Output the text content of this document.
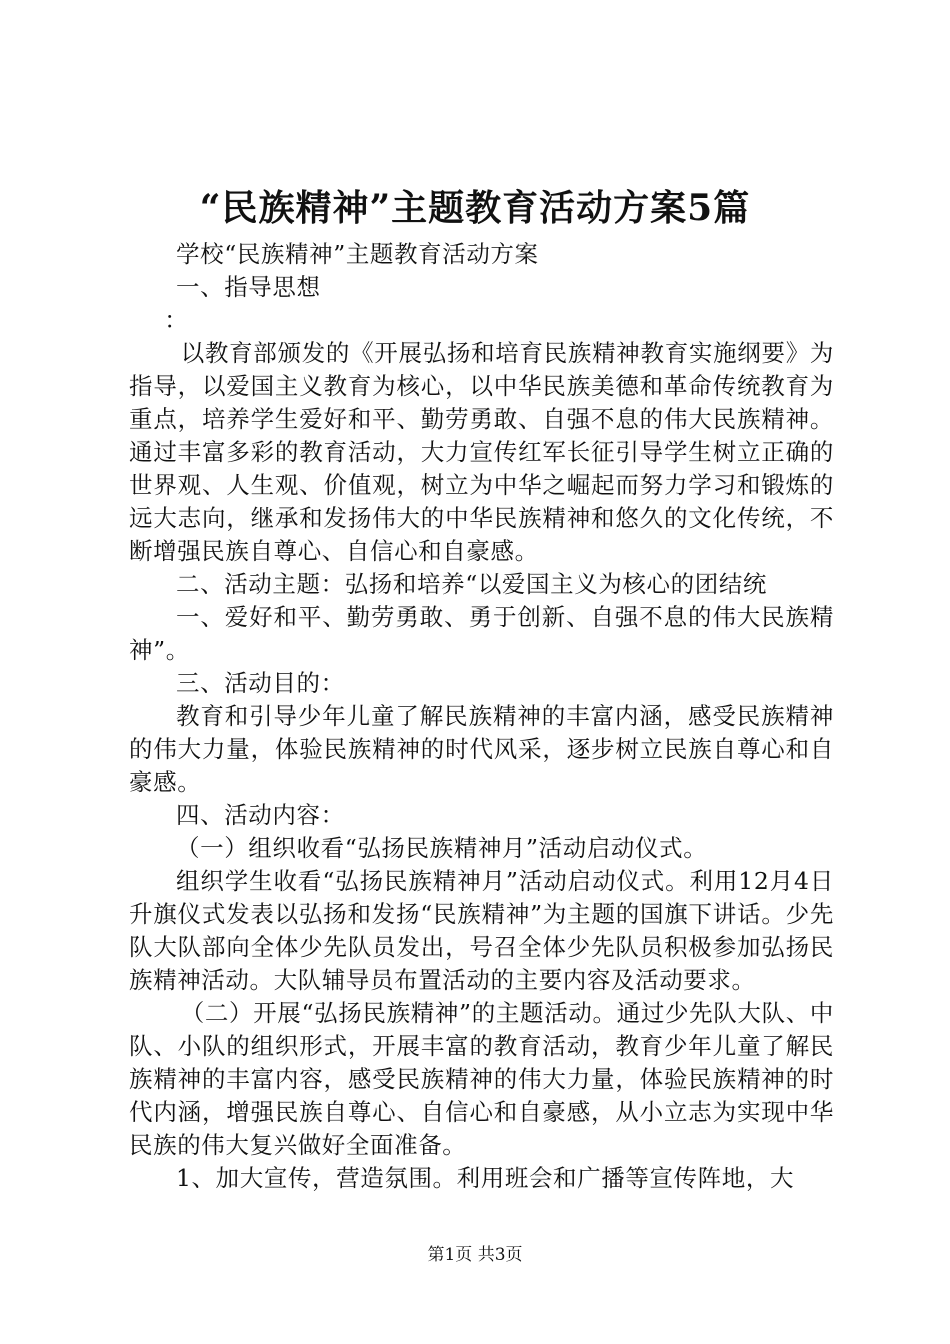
“民族精神”主题教育活动方案5篇

学校“民族精神”主题教育活动方案

一、指导思想

：

以教育部颁发的《开展弘扬和培育民族精神教育实施纲要》为指导，以爱国主义教育为核心，以中华民族美德和革命传统教育为重点，培养学生爱好和平、勤劳勇敢、自强不息的伟大民族精神。通过丰富多彩的教育活动，大力宣传红军长征引导学生树立正确的世界观、人生观、价值观，树立为中华之崛起而努力学习和锻炼的远大志向，继承和发扬伟大的中华民族精神和悠久的文化传统，不断增强民族自尊心、自信心和自豪感。

二、活动主题：弘扬和培养“以爱国主义为核心的团结统

一、爱好和平、勤劳勇敢、勇于创新、自强不息的伟大民族精神”。

三、活动目的：

教育和引导少年儿童了解民族精神的丰富内涵，感受民族精神的伟大力量，体验民族精神的时代风采，逐步树立民族自尊心和自豪感。

四、活动内容：

（一）组织收看“弘扬民族精神月”活动启动仪式。

组织学生收看“弘扬民族精神月”活动启动仪式。利用12月4日升旗仪式发表以弘扬和发扬“民族精神”为主题的国旗下讲话。少先队大队部向全体少先队员发出，号召全体少先队员积极参加弘扬民族精神活动。大队辅导员布置活动的主要内容及活动要求。

（二）开展“弘扬民族精神”的主题活动。通过少先队大队、中队、小队的组织形式，开展丰富的教育活动，教育少年儿童了解民族精神的丰富内容，感受民族精神的伟大力量，体验民族精神的时代内涵，增强民族自尊心、自信心和自豪感，从小立志为实现中华民族的伟大复兴做好全面准备。

1、加大宣传，营造氛围。利用班会和广播等宣传阵地，大

第1页 共3页
